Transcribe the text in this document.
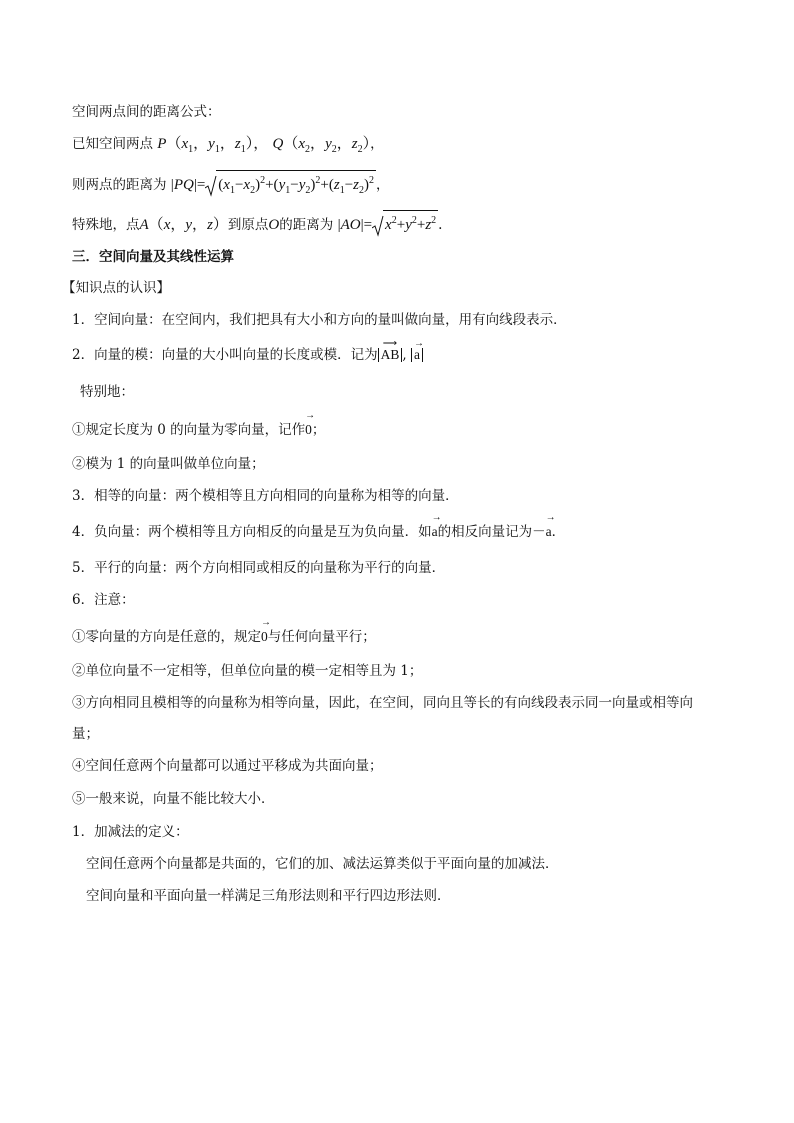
空间两点间的距离公式：
已知空间两点 $P(x_1$，$y_1$，$z_1$）， $Q(x_2$，$y_2$，$z_2$），
则两点的距离为 $|PQ|= (x_1-x_2)^2+(y_1-y_2)^2+(z_1-z_2)^2$ ，
特殊地，点A（x，y，z）到原点O的距离为 $|AO|= x^2+y^2+z^2$ .
三．空间向量及其线性运算
【知识点的认识】
1．空间向量：在空间内，我们把具有大小和方向的量叫做向量，用有向线段表示．
2．向量的模：向量的大小叫向量的长度或模．记为
⟶
AB ,
→
a
特别地：
①规定长度为 0 的向量为零向量，记作
→
0；
②模为 1 的向量叫做单位向量；
3．相等的向量：两个模相等且方向相同的向量称为相等的向量．
4．负向量：两个模相等且方向相反的向量是互为负向量．如
→
a的相反向量记为－
→
a．
5．平行的向量：两个方向相同或相反的向量称为平行的向量．
6．注意：
①零向量的方向是任意的，规定
→
0与任何向量平行；
②单位向量不一定相等，但单位向量的模一定相等且为 1；
③方向相同且模相等的向量称为相等向量，因此，在空间，同向且等长的有向线段表示同一向量或相等向
量；
④空间任意两个向量都可以通过平移成为共面向量；
⑤一般来说，向量不能比较大小．
1．加减法的定义：
空间任意两个向量都是共面的，它们的加、减法运算类似于平面向量的加减法．
空间向量和平面向量一样满足三角形法则和平行四边形法则．
